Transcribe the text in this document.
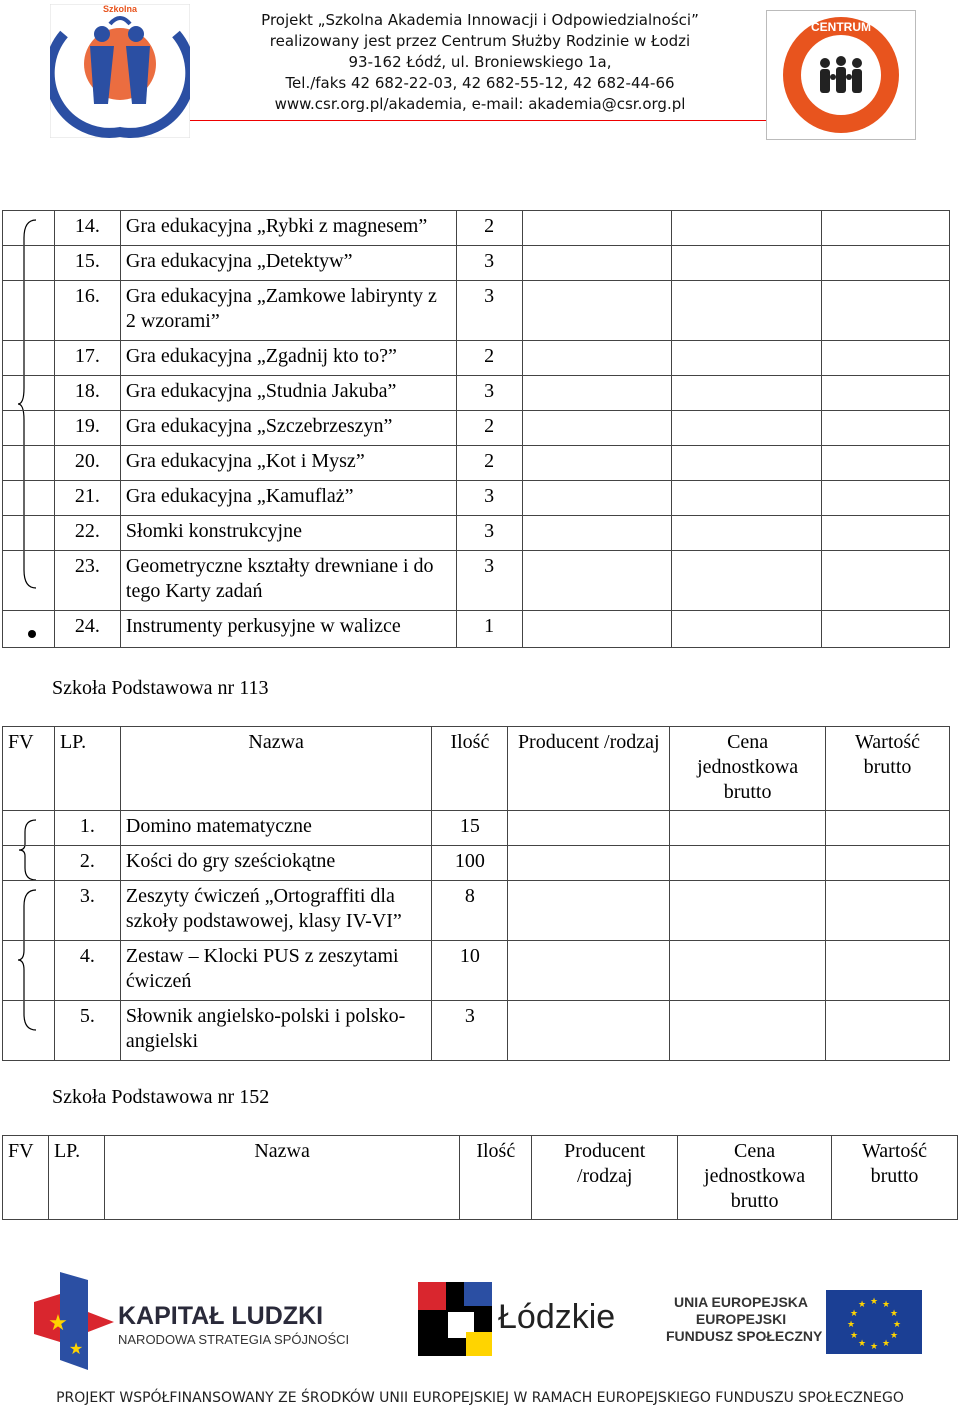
Szkolna
Projekt „Szkolna Akademia Innowacji i Odpowiedzialności”
realizowany jest przez Centrum Służby Rodzinie w Łodzi
93-162 Łódź, ul. Broniewskiego 1a,
Tel./faks 42 682-22-03, 42 682-55-12, 42 682-44-66
www.csr.org.pl/akademia, e-mail: akademia@csr.org.pl
CENTRUM
	14.	Gra edukacyjna „Rybki z magnesem”	2			
	15.	Gra edukacyjna „Detektyw”	3			
	16.	Gra edukacyjna „Zamkowe labirynty z 2 wzorami”	3			
	17.	Gra edukacyjna „Zgadnij kto to?”	2			
	18.	Gra edukacyjna „Studnia Jakuba”	3			
	19.	Gra edukacyjna „Szczebrzeszyn”	2			
	20.	Gra edukacyjna „Kot i Mysz”	2			
	21.	Gra edukacyjna „Kamuflaż”	3			
	22.	Słomki konstrukcyjne	3			
	23.	Geometryczne kształty drewniane i do tego Karty zadań	3			
	24.	Instrumenty perkusyjne w walizce	1			
Szkoła Podstawowa nr 113
FV	LP.	Nazwa	Ilość	Producent /rodzaj	Cena jednostkowa brutto	Wartość brutto
	1.	Domino matematyczne	15			
	2.	Kości do gry sześciokątne	100			
	3.	Zeszyty ćwiczeń „Ortograffiti dla szkoły podstawowej, klasy IV-VI”	8			
	4.	Zestaw – Klocki PUS z zeszytami ćwiczeń	10			
	5.	Słownik angielsko-polski i polsko-angielski	3			
Szkoła Podstawowa nr 152
FV	LP.	Nazwa	Ilość	Producent /rodzaj	Cena jednostkowa brutto	Wartość brutto
★
★
KAPITAŁ LUDZKI
NARODOWA STRATEGIA SPÓJNOŚCI
Łódzkie	UNIA EUROPEJSKA
EUROPEJSKI
FUNDUSZ SPOŁECZNY
★ ★
★
★
★
★
★
★
★
★
★
★
PROJEKT WSPÓŁFINANSOWANY ZE ŚRODKÓW UNII EUROPEJSKIEJ W RAMACH EUROPEJSKIEGO FUNDUSZU SPOŁECZNEGO
